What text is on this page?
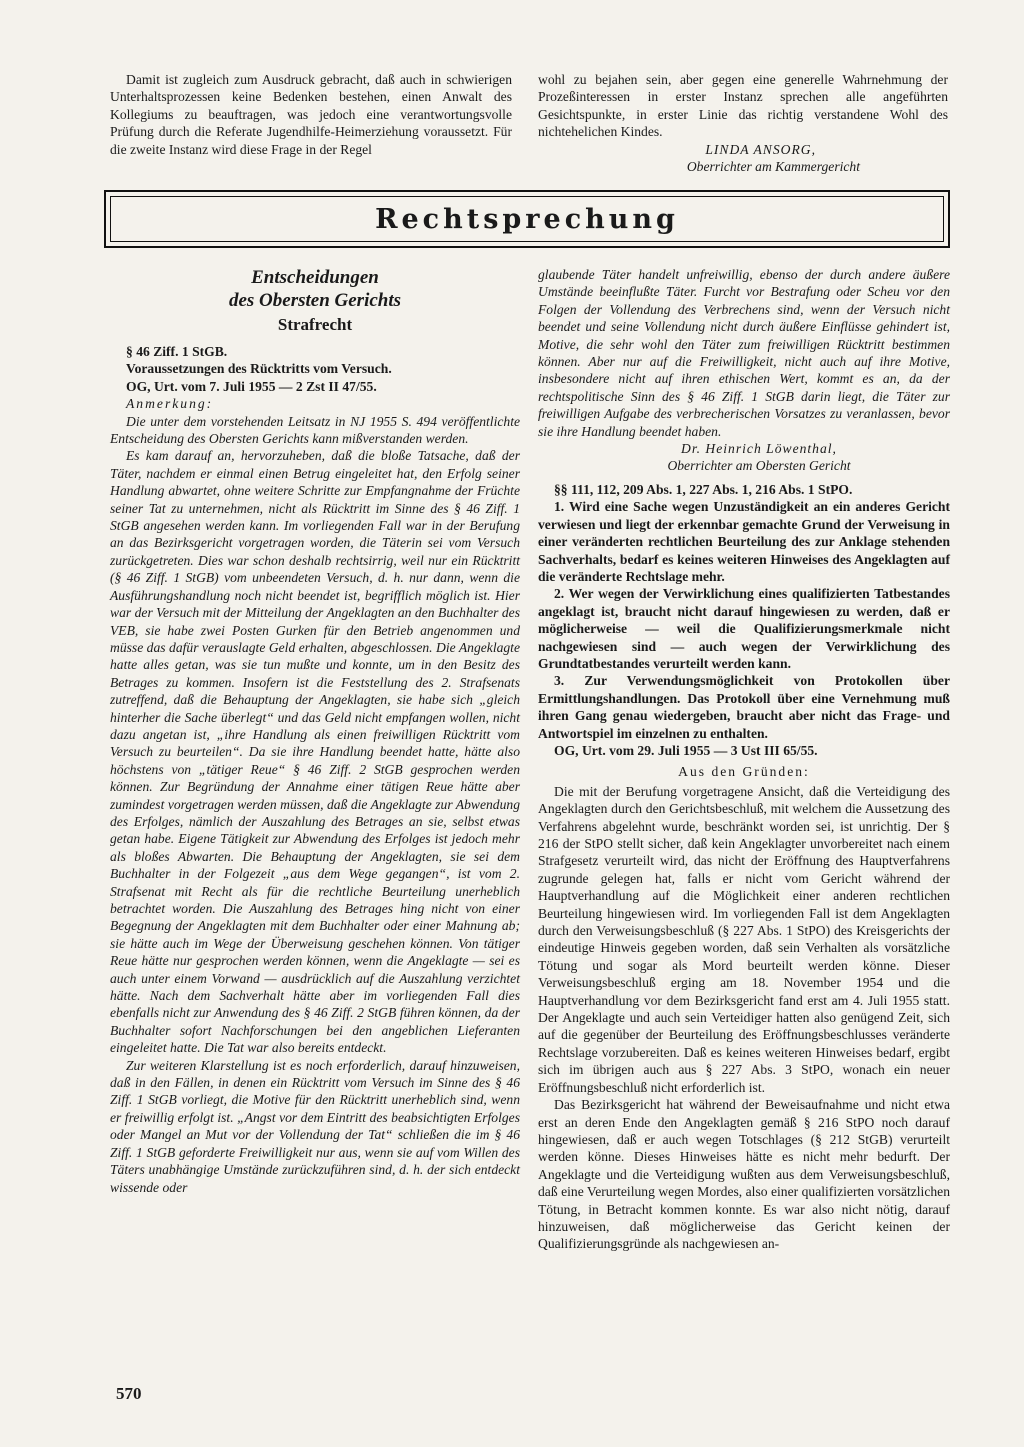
Damit ist zugleich zum Ausdruck gebracht, daß auch in schwierigen Unterhaltsprozessen keine Bedenken bestehen, einen Anwalt des Kollegiums zu beauftragen, was jedoch eine verantwortungsvolle Prüfung durch die Referate Jugendhilfe-Heimerziehung voraussetzt. Für die zweite Instanz wird diese Frage in der Regel

wohl zu bejahen sein, aber gegen eine generelle Wahrnehmung der Prozeßinteressen in erster Instanz sprechen alle angeführten Gesichtspunkte, in erster Linie das richtig verstandene Wohl des nichtehelichen Kindes.

LINDA ANSORG,

Oberrichter am Kammergericht

Rechtsprechung
Entscheidungen
des Obersten Gerichts
Strafrecht

§ 46 Ziff. 1 StGB.

Voraussetzungen des Rücktritts vom Versuch.

OG, Urt. vom 7. Juli 1955 — 2 Zst II 47/55.

Anmerkung:

Die unter dem vorstehenden Leitsatz in NJ 1955 S. 494 veröffentlichte Entscheidung des Obersten Gerichts kann mißverstanden werden.

Es kam darauf an, hervorzuheben, daß die bloße Tatsache, daß der Täter, nachdem er einmal einen Betrug eingeleitet hat, den Erfolg seiner Handlung abwartet, ohne weitere Schritte zur Empfangnahme der Früchte seiner Tat zu unternehmen, nicht als Rücktritt im Sinne des § 46 Ziff. 1 StGB angesehen werden kann. Im vorliegenden Fall war in der Berufung an das Bezirksgericht vorgetragen worden, die Täterin sei vom Versuch zurückgetreten. Dies war schon deshalb rechtsirrig, weil nur ein Rücktritt (§ 46 Ziff. 1 StGB) vom unbeendeten Versuch, d. h. nur dann, wenn die Ausführungshandlung noch nicht beendet ist, begrifflich möglich ist. Hier war der Versuch mit der Mitteilung der Angeklagten an den Buchhalter des VEB, sie habe zwei Posten Gurken für den Betrieb angenommen und müsse das dafür verauslagte Geld erhalten, abgeschlossen. Die Angeklagte hatte alles getan, was sie tun mußte und konnte, um in den Besitz des Betrages zu kommen. Insofern ist die Feststellung des 2. Strafsenats zutreffend, daß die Behauptung der Angeklagten, sie habe sich „gleich hinterher die Sache überlegt“ und das Geld nicht empfangen wollen, nicht dazu angetan ist, „ihre Handlung als einen freiwilligen Rücktritt vom Versuch zu beurteilen“. Da sie ihre Handlung beendet hatte, hätte also höchstens von „tätiger Reue“ § 46 Ziff. 2 StGB gesprochen werden können. Zur Begründung der Annahme einer tätigen Reue hätte aber zumindest vorgetragen werden müssen, daß die Angeklagte zur Abwendung des Erfolges, nämlich der Auszahlung des Betrages an sie, selbst etwas getan habe. Eigene Tätigkeit zur Abwendung des Erfolges ist jedoch mehr als bloßes Abwarten. Die Behauptung der Angeklagten, sie sei dem Buchhalter in der Folgezeit „aus dem Wege gegangen“, ist vom 2. Strafsenat mit Recht als für die rechtliche Beurteilung unerheblich betrachtet worden. Die Auszahlung des Betrages hing nicht von einer Begegnung der Angeklagten mit dem Buchhalter oder einer Mahnung ab; sie hätte auch im Wege der Überweisung geschehen können. Von tätiger Reue hätte nur gesprochen werden können, wenn die Angeklagte — sei es auch unter einem Vorwand — ausdrücklich auf die Auszahlung verzichtet hätte. Nach dem Sachverhalt hätte aber im vorliegenden Fall dies ebenfalls nicht zur Anwendung des § 46 Ziff. 2 StGB führen können, da der Buchhalter sofort Nachforschungen bei den angeblichen Lieferanten eingeleitet hatte. Die Tat war also bereits entdeckt.

Zur weiteren Klarstellung ist es noch erforderlich, darauf hinzuweisen, daß in den Fällen, in denen ein Rücktritt vom Versuch im Sinne des § 46 Ziff. 1 StGB vorliegt, die Motive für den Rücktritt unerheblich sind, wenn er freiwillig erfolgt ist. „Angst vor dem Eintritt des beabsichtigten Erfolges oder Mangel an Mut vor der Vollendung der Tat“ schließen die im § 46 Ziff. 1 StGB geforderte Freiwilligkeit nur aus, wenn sie auf vom Willen des Täters unabhängige Umstände zurückzuführen sind, d. h. der sich entdeckt wissende oder

glaubende Täter handelt unfreiwillig, ebenso der durch andere äußere Umstände beeinflußte Täter. Furcht vor Bestrafung oder Scheu vor den Folgen der Vollendung des Verbrechens sind, wenn der Versuch nicht beendet und seine Vollendung nicht durch äußere Einflüsse gehindert ist, Motive, die sehr wohl den Täter zum freiwilligen Rücktritt bestimmen können. Aber nur auf die Freiwilligkeit, nicht auch auf ihre Motive, insbesondere nicht auf ihren ethischen Wert, kommt es an, da der rechtspolitische Sinn des § 46 Ziff. 1 StGB darin liegt, die Täter zur freiwilligen Aufgabe des verbrecherischen Vorsatzes zu veranlassen, bevor sie ihre Handlung beendet haben.

Dr. Heinrich Löwenthal,

Oberrichter am Obersten Gericht

§§ 111, 112, 209 Abs. 1, 227 Abs. 1, 216 Abs. 1 StPO.

1. Wird eine Sache wegen Unzuständigkeit an ein anderes Gericht verwiesen und liegt der erkennbar gemachte Grund der Verweisung in einer veränderten rechtlichen Beurteilung des zur Anklage stehenden Sachverhalts, bedarf es keines weiteren Hinweises des Angeklagten auf die veränderte Rechtslage mehr.

2. Wer wegen der Verwirklichung eines qualifizierten Tatbestandes angeklagt ist, braucht nicht darauf hingewiesen zu werden, daß er möglicherweise — weil die Qualifizierungsmerkmale nicht nachgewiesen sind — auch wegen der Verwirklichung des Grundtatbestandes verurteilt werden kann.

3. Zur Verwendungsmöglichkeit von Protokollen über Ermittlungshandlungen. Das Protokoll über eine Vernehmung muß ihren Gang genau wiedergeben, braucht aber nicht das Frage- und Antwortspiel im einzelnen zu enthalten.

OG, Urt. vom 29. Juli 1955 — 3 Ust III 65/55.

Aus den Gründen:

Die mit der Berufung vorgetragene Ansicht, daß die Verteidigung des Angeklagten durch den Gerichtsbeschluß, mit welchem die Aussetzung des Verfahrens abgelehnt wurde, beschränkt worden sei, ist unrichtig. Der § 216 der StPO stellt sicher, daß kein Angeklagter unvorbereitet nach einem Strafgesetz verurteilt wird, das nicht der Eröffnung des Hauptverfahrens zugrunde gelegen hat, falls er nicht vom Gericht während der Hauptverhandlung auf die Möglichkeit einer anderen rechtlichen Beurteilung hingewiesen wird. Im vorliegenden Fall ist dem Angeklagten durch den Verweisungsbeschluß (§ 227 Abs. 1 StPO) des Kreisgerichts der eindeutige Hinweis gegeben worden, daß sein Verhalten als vorsätzliche Tötung und sogar als Mord beurteilt werden könne. Dieser Verweisungsbeschluß erging am 18. November 1954 und die Hauptverhandlung vor dem Bezirksgericht fand erst am 4. Juli 1955 statt. Der Angeklagte und auch sein Verteidiger hatten also genügend Zeit, sich auf die gegenüber der Beurteilung des Eröffnungsbeschlusses veränderte Rechtslage vorzubereiten. Daß es keines weiteren Hinweises bedarf, ergibt sich im übrigen auch aus § 227 Abs. 3 StPO, wonach ein neuer Eröffnungsbeschluß nicht erforderlich ist.

Das Bezirksgericht hat während der Beweisaufnahme und nicht etwa erst an deren Ende den Angeklagten gemäß § 216 StPO noch darauf hingewiesen, daß er auch wegen Totschlages (§ 212 StGB) verurteilt werden könne. Dieses Hinweises hätte es nicht mehr bedurft. Der Angeklagte und die Verteidigung wußten aus dem Verweisungsbeschluß, daß eine Verurteilung wegen Mordes, also einer qualifizierten vorsätzlichen Tötung, in Betracht kommen konnte. Es war also nicht nötig, darauf hinzuweisen, daß möglicherweise das Gericht keinen der Qualifizierungsgründe als nachgewiesen an-

570
